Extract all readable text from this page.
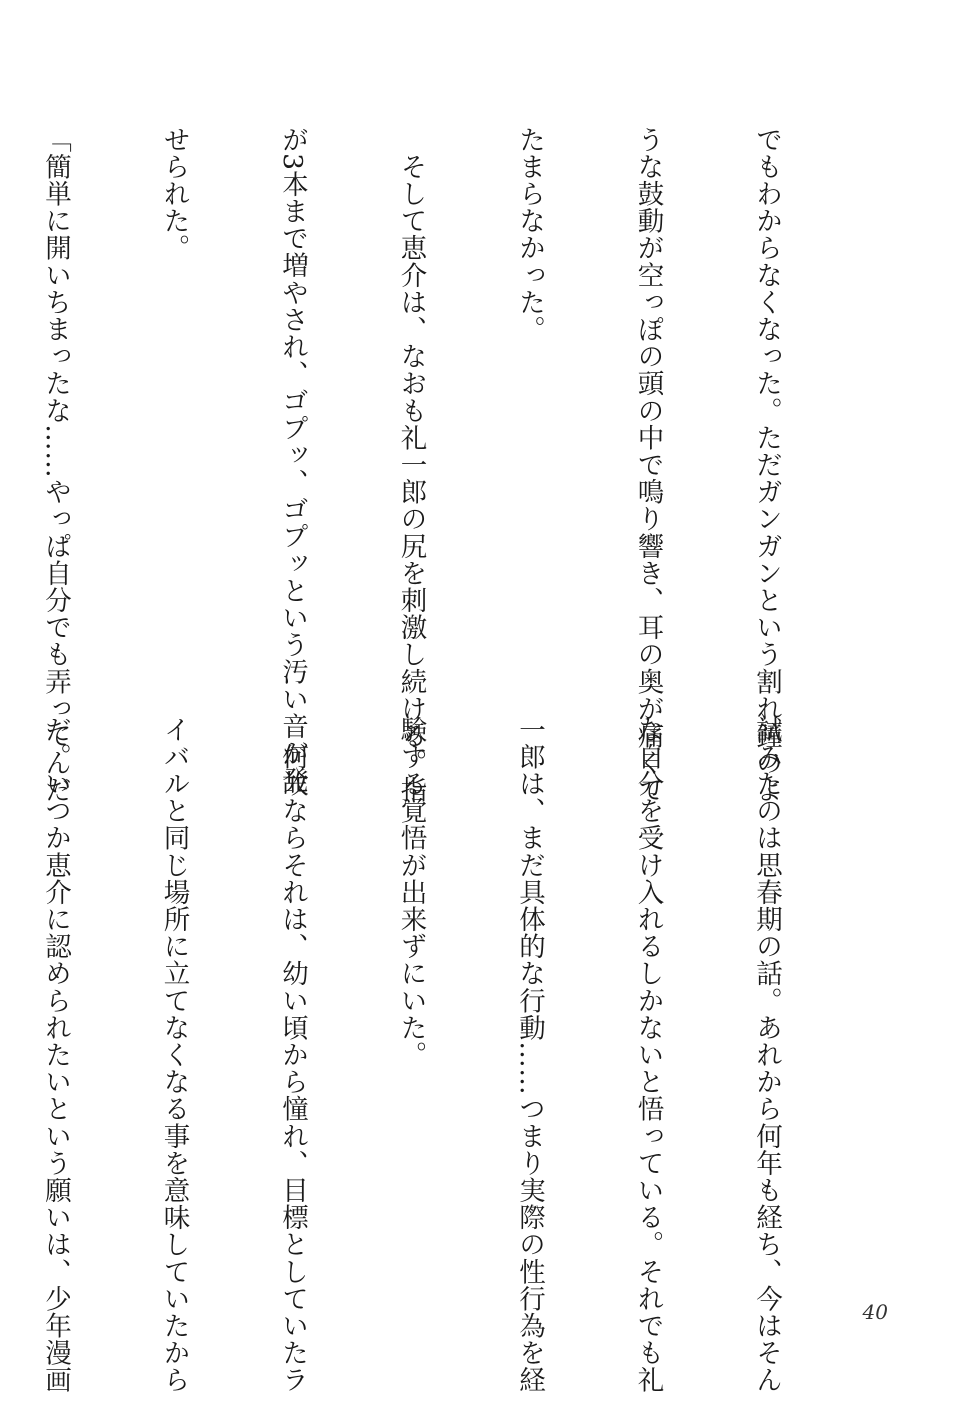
でもわからなくなった。ただガンガンという割れ鐘のよ

うな鼓動が空っぽの頭の中で鳴り響き、耳の奥が痛くて

たまらなかった。

　そして恵介は、なおも礼一郎の尻を刺激し続ける。指

が3本まで増やされ、ゴプッ、ゴプッという汚い音が発

せられた。

「簡単に開いちまったな……やっぱ自分でも弄ってんだ

試みたのは思春期の話。あれから何年も経ち、今はそん

な自分を受け入れるしかないと悟っている。それでも礼

一郎は、まだ具体的な行動……つまり実際の性行為を経

験する覚悟が出来ずにいた。

　何故ならそれは、幼い頃から憧れ、目標としていたラ

イバルと同じ場所に立てなくなる事を意味していたから

だ。いつか恵介に認められたいという願いは、少年漫画

	40
